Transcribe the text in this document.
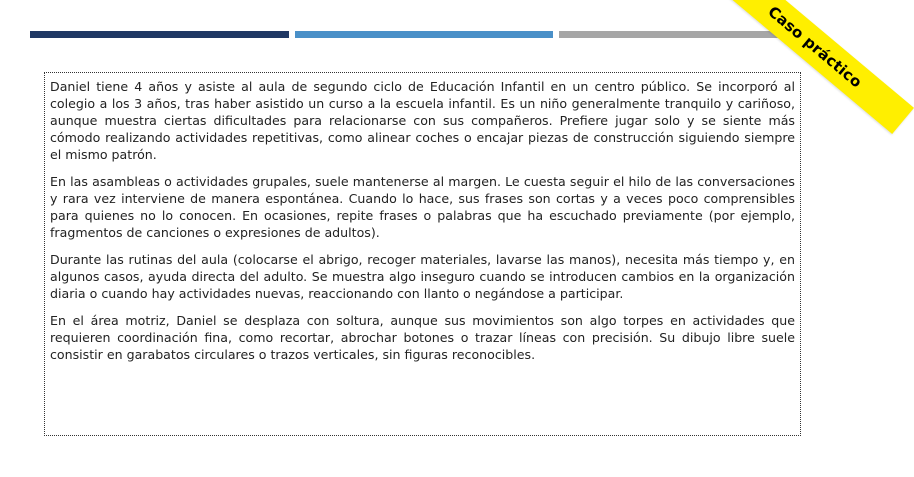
Caso práctico

Daniel tiene 4 años y asiste al aula de segundo ciclo de Educación Infantil en un centro público. Se incorporó al colegio a los 3 años, tras haber asistido un curso a la escuela infantil. Es un niño generalmente tranquilo y cariñoso, aunque muestra ciertas dificultades para relacionarse con sus compañeros. Prefiere jugar solo y se siente más cómodo realizando actividades repetitivas, como alinear coches o encajar piezas de construcción siguiendo siempre el mismo patrón.

En las asambleas o actividades grupales, suele mantenerse al margen. Le cuesta seguir el hilo de las conversaciones y rara vez interviene de manera espontánea. Cuando lo hace, sus frases son cortas y a veces poco comprensibles para quienes no lo conocen. En ocasiones, repite frases o palabras que ha escuchado previamente (por ejemplo, fragmentos de canciones o expresiones de adultos).

Durante las rutinas del aula (colocarse el abrigo, recoger materiales, lavarse las manos), necesita más tiempo y, en algunos casos, ayuda directa del adulto. Se muestra algo inseguro cuando se introducen cambios en la organización diaria o cuando hay actividades nuevas, reaccionando con llanto o negándose a participar.

En el área motriz, Daniel se desplaza con soltura, aunque sus movimientos son algo torpes en actividades que requieren coordinación fina, como recortar, abrochar botones o trazar líneas con precisión. Su dibujo libre suele consistir en garabatos circulares o trazos verticales, sin figuras reconocibles.
